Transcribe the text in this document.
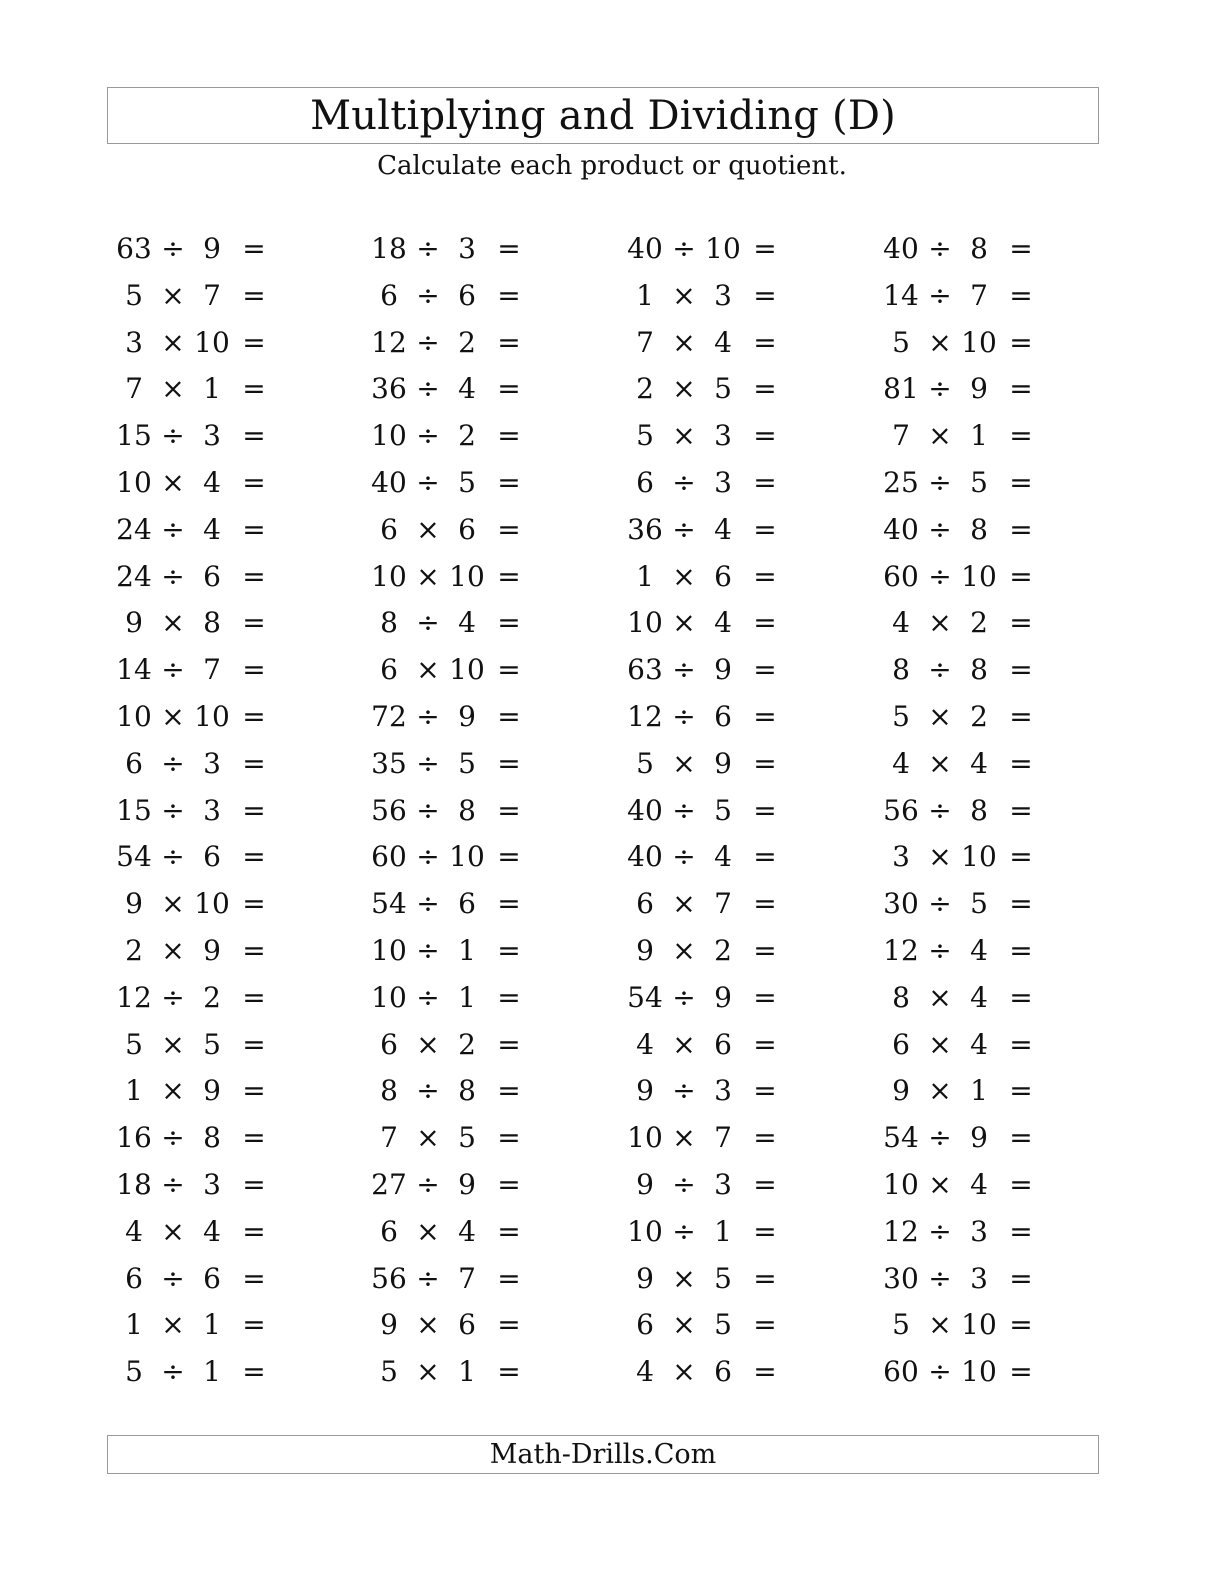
Multiplying and Dividing (D)
Calculate each product or quotient.
63 ÷ 9 =
5 × 7 =
3 × 10 =
7 × 1 =
15 ÷ 3 =
10 × 4 =
24 ÷ 4 =
24 ÷ 6 =
9 × 8 =
14 ÷ 7 =
10 × 10 =
6 ÷ 3 =
15 ÷ 3 =
54 ÷ 6 =
9 × 10 =
2 × 9 =
12 ÷ 2 =
5 × 5 =
1 × 9 =
16 ÷ 8 =
18 ÷ 3 =
4 × 4 =
6 ÷ 6 =
1 × 1 =
5 ÷ 1 =
18 ÷ 3 =
6 ÷ 6 =
12 ÷ 2 =
36 ÷ 4 =
10 ÷ 2 =
40 ÷ 5 =
6 × 6 =
10 × 10 =
8 ÷ 4 =
6 × 10 =
72 ÷ 9 =
35 ÷ 5 =
56 ÷ 8 =
60 ÷ 10 =
54 ÷ 6 =
10 ÷ 1 =
10 ÷ 1 =
6 × 2 =
8 ÷ 8 =
7 × 5 =
27 ÷ 9 =
6 × 4 =
56 ÷ 7 =
9 × 6 =
5 × 1 =
40 ÷ 10 =
1 × 3 =
7 × 4 =
2 × 5 =
5 × 3 =
6 ÷ 3 =
36 ÷ 4 =
1 × 6 =
10 × 4 =
63 ÷ 9 =
12 ÷ 6 =
5 × 9 =
40 ÷ 5 =
40 ÷ 4 =
6 × 7 =
9 × 2 =
54 ÷ 9 =
4 × 6 =
9 ÷ 3 =
10 × 7 =
9 ÷ 3 =
10 ÷ 1 =
9 × 5 =
6 × 5 =
4 × 6 =
40 ÷ 8 =
14 ÷ 7 =
5 × 10 =
81 ÷ 9 =
7 × 1 =
25 ÷ 5 =
40 ÷ 8 =
60 ÷ 10 =
4 × 2 =
8 ÷ 8 =
5 × 2 =
4 × 4 =
56 ÷ 8 =
3 × 10 =
30 ÷ 5 =
12 ÷ 4 =
8 × 4 =
6 × 4 =
9 × 1 =
54 ÷ 9 =
10 × 4 =
12 ÷ 3 =
30 ÷ 3 =
5 × 10 =
60 ÷ 10 =
Math-Drills.Com
